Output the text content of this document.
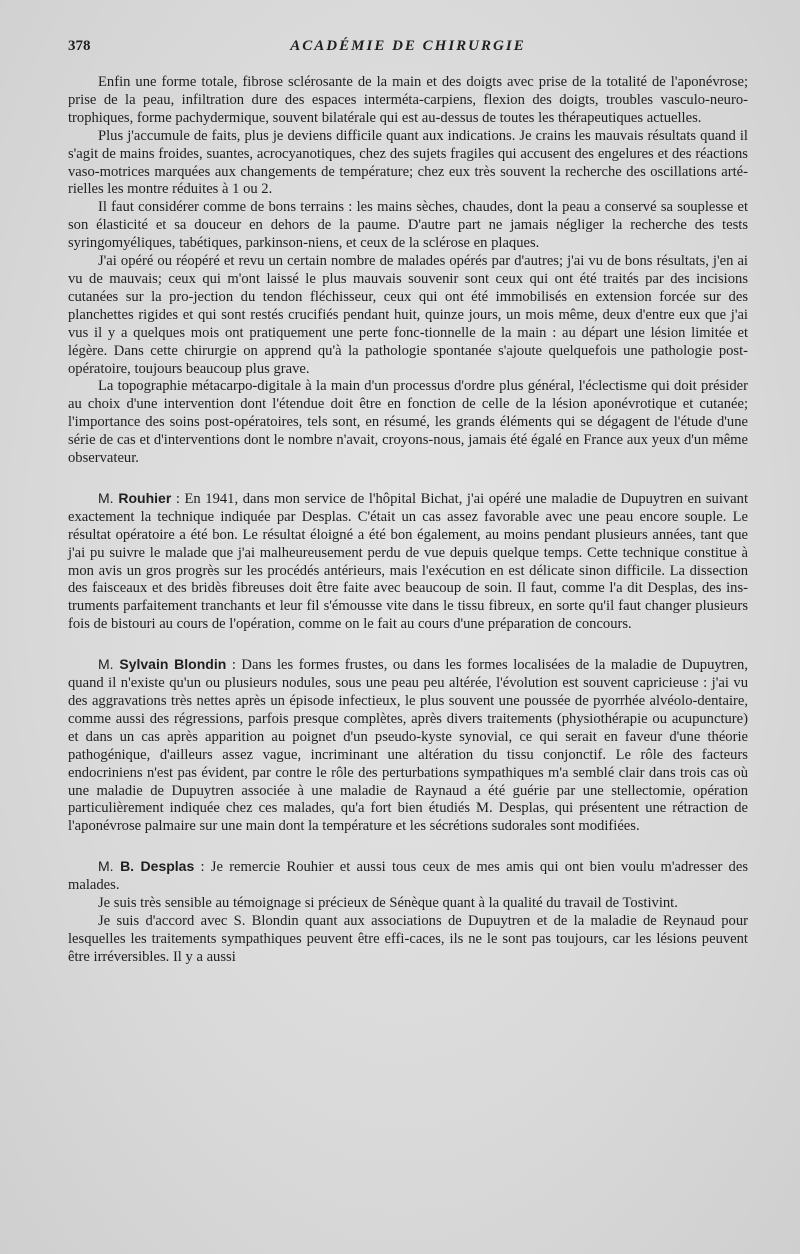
378	ACADÉMIE DE CHIRURGIE

Enfin une forme totale, fibrose sclérosante de la main et des doigts avec prise de la totalité de l'aponévrose; prise de la peau, infiltration dure des espaces interméta-carpiens, flexion des doigts, troubles vasculo-neuro-trophiques, forme pachydermique, souvent bilatérale qui est au-dessus de toutes les thérapeutiques actuelles.

Plus j'accumule de faits, plus je deviens difficile quant aux indications. Je crains les mauvais résultats quand il s'agit de mains froides, suantes, acrocyanotiques, chez des sujets fragiles qui accusent des engelures et des réactions vaso-motrices marquées aux changements de température; chez eux très souvent la recherche des oscillations arté-rielles les montre réduites à 1 ou 2.

Il faut considérer comme de bons terrains : les mains sèches, chaudes, dont la peau a conservé sa souplesse et son élasticité et sa douceur en dehors de la paume. D'autre part ne jamais négliger la recherche des tests syringomyéliques, tabétiques, parkinson-niens, et ceux de la sclérose en plaques.

J'ai opéré ou réopéré et revu un certain nombre de malades opérés par d'autres; j'ai vu de bons résultats, j'en ai vu de mauvais; ceux qui m'ont laissé le plus mauvais souvenir sont ceux qui ont été traités par des incisions cutanées sur la pro-jection du tendon fléchisseur, ceux qui ont été immobilisés en extension forcée sur des planchettes rigides et qui sont restés crucifiés pendant huit, quinze jours, un mois même, deux d'entre eux que j'ai vus il y a quelques mois ont pratiquement une perte fonc-tionnelle de la main : au départ une lésion limitée et légère. Dans cette chirurgie on apprend qu'à la pathologie spontanée s'ajoute quelquefois une pathologie post-opératoire, toujours beaucoup plus grave.

La topographie métacarpo-digitale à la main d'un processus d'ordre plus général, l'éclectisme qui doit présider au choix d'une intervention dont l'étendue doit être en fonction de celle de la lésion aponévrotique et cutanée; l'importance des soins post-opératoires, tels sont, en résumé, les grands éléments qui se dégagent de l'étude d'une série de cas et d'interventions dont le nombre n'avait, croyons-nous, jamais été égalé en France aux yeux d'un même observateur.

M. Rouhier : En 1941, dans mon service de l'hôpital Bichat, j'ai opéré une maladie de Dupuytren en suivant exactement la technique indiquée par Desplas. C'était un cas assez favorable avec une peau encore souple. Le résultat opératoire a été bon. Le résultat éloigné a été bon également, au moins pendant plusieurs années, tant que j'ai pu suivre le malade que j'ai malheureusement perdu de vue depuis quelque temps. Cette technique constitue à mon avis un gros progrès sur les procédés antérieurs, mais l'exécution en est délicate sinon difficile. La dissection des faisceaux et des bridès fibreuses doit être faite avec beaucoup de soin. Il faut, comme l'a dit Desplas, des ins-truments parfaitement tranchants et leur fil s'émousse vite dans le tissu fibreux, en sorte qu'il faut changer plusieurs fois de bistouri au cours de l'opération, comme on le fait au cours d'une préparation de concours.

M. Sylvain Blondin : Dans les formes frustes, ou dans les formes localisées de la maladie de Dupuytren, quand il n'existe qu'un ou plusieurs nodules, sous une peau peu altérée, l'évolution est souvent capricieuse : j'ai vu des aggravations très nettes après un épisode infectieux, le plus souvent une poussée de pyorrhée alvéolo-dentaire, comme aussi des régressions, parfois presque complètes, après divers traitements (physiothérapie ou acupuncture) et dans un cas après apparition au poignet d'un pseudo-kyste synovial, ce qui serait en faveur d'une théorie pathogénique, d'ailleurs assez vague, incriminant une altération du tissu conjonctif. Le rôle des facteurs endocriniens n'est pas évident, par contre le rôle des perturbations sympathiques m'a semblé clair dans trois cas où une maladie de Dupuytren associée à une maladie de Raynaud a été guérie par une stellectomie, opération particulièrement indiquée chez ces malades, qu'a fort bien étudiés M. Desplas, qui présentent une rétraction de l'aponévrose palmaire sur une main dont la température et les sécrétions sudorales sont modifiées.

M. B. Desplas : Je remercie Rouhier et aussi tous ceux de mes amis qui ont bien voulu m'adresser des malades.

Je suis très sensible au témoignage si précieux de Sénèque quant à la qualité du travail de Tostivint.

Je suis d'accord avec S. Blondin quant aux associations de Dupuytren et de la maladie de Reynaud pour lesquelles les traitements sympathiques peuvent être effi-caces, ils ne le sont pas toujours, car les lésions peuvent être irréversibles. Il y a aussi
